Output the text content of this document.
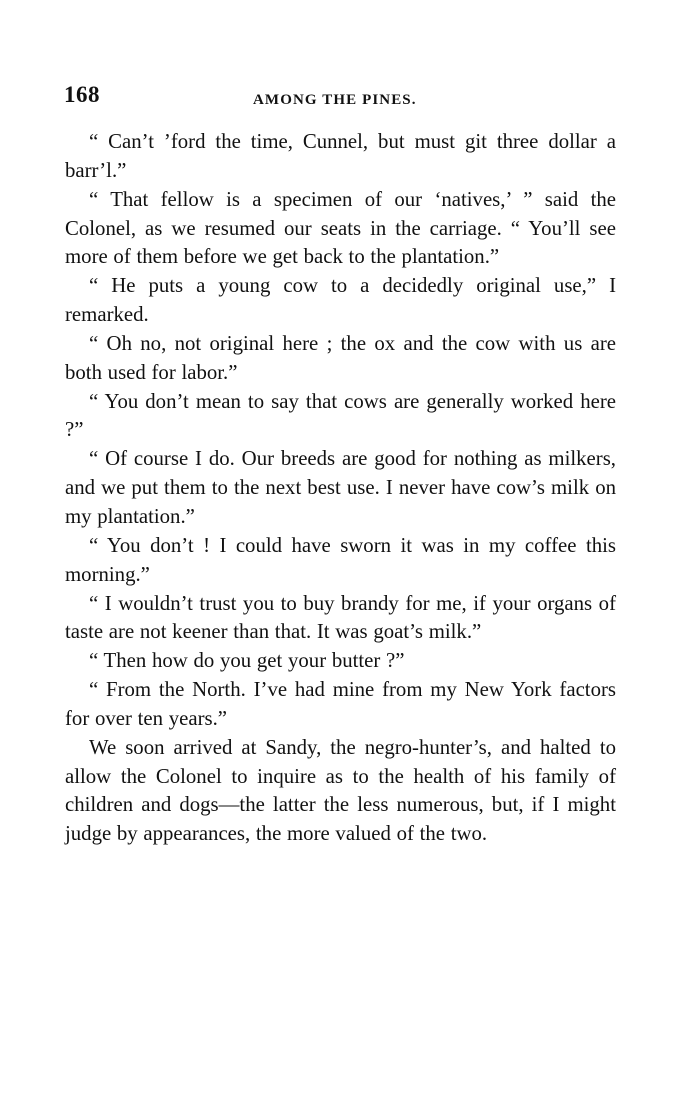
168	AMONG THE PINES.

“ Can’t ’ford the time, Cunnel, but must git three dollar a barr’l.”

“ That fellow is a specimen of our ‘natives,’ ” said the Colonel, as we resumed our seats in the carriage. “ You’ll see more of them before we get back to the plantation.”

“ He puts a young cow to a decidedly original use,” I remarked.

“ Oh no, not original here ; the ox and the cow with us are both used for labor.”

“ You don’t mean to say that cows are generally worked here ?”

“ Of course I do. Our breeds are good for nothing as milkers, and we put them to the next best use. I never have cow’s milk on my plantation.”

“ You don’t ! I could have sworn it was in my coffee this morning.”

“ I wouldn’t trust you to buy brandy for me, if your organs of taste are not keener than that. It was goat’s milk.”

“ Then how do you get your butter ?”

“ From the North. I’ve had mine from my New York factors for over ten years.”

We soon arrived at Sandy, the negro-hunter’s, and halted to allow the Colonel to inquire as to the health of his family of children and dogs—the latter the less numerous, but, if I might judge by appearances, the more valued of the two.
